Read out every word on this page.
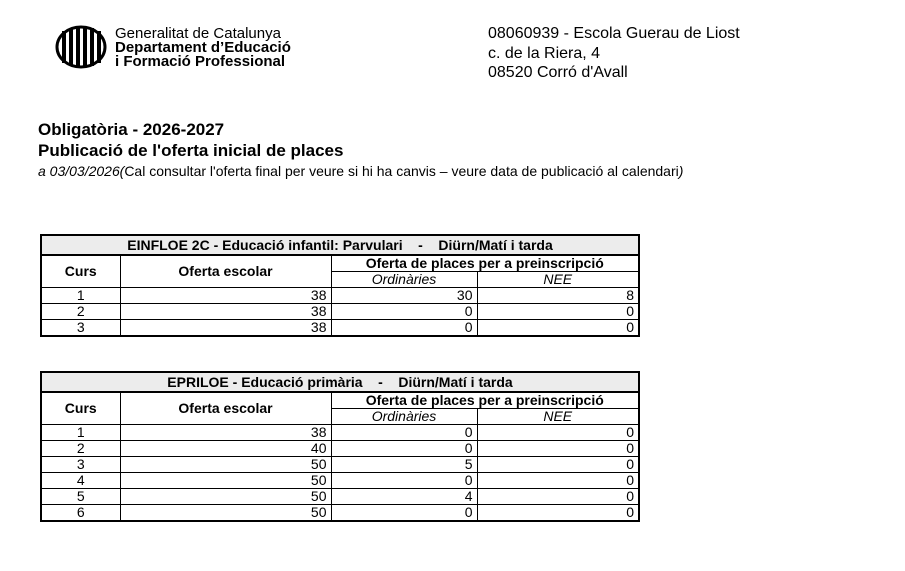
Generalitat de Catalunya
Departament d’Educació
i Formació Professional
08060939 - Escola Guerau de Liost
c. de la Riera, 4
08520 Corró d'Avall
Obligatòria - 2026-2027
Publicació de l'oferta inicial de places
a 03/03/2026 (Cal consultar l'oferta final per veure si hi ha canvis – veure data de publicació al calendari)
EINFLOE 2C - Educació infantil: Parvulari    -    Diürn/Matí i tarda			
Curs	Oferta escolar	Oferta de places per a preinscripció	
		Ordinàries	NEE
1	38	30	8
2	38	0	0
3	38	0	0
EPRILOE - Educació primària    -    Diürn/Matí i tarda			
Curs	Oferta escolar	Oferta de places per a preinscripció	
		Ordinàries	NEE
1	38	0	0
2	40	0	0
3	50	5	0
4	50	0	0
5	50	4	0
6	50	0	0
